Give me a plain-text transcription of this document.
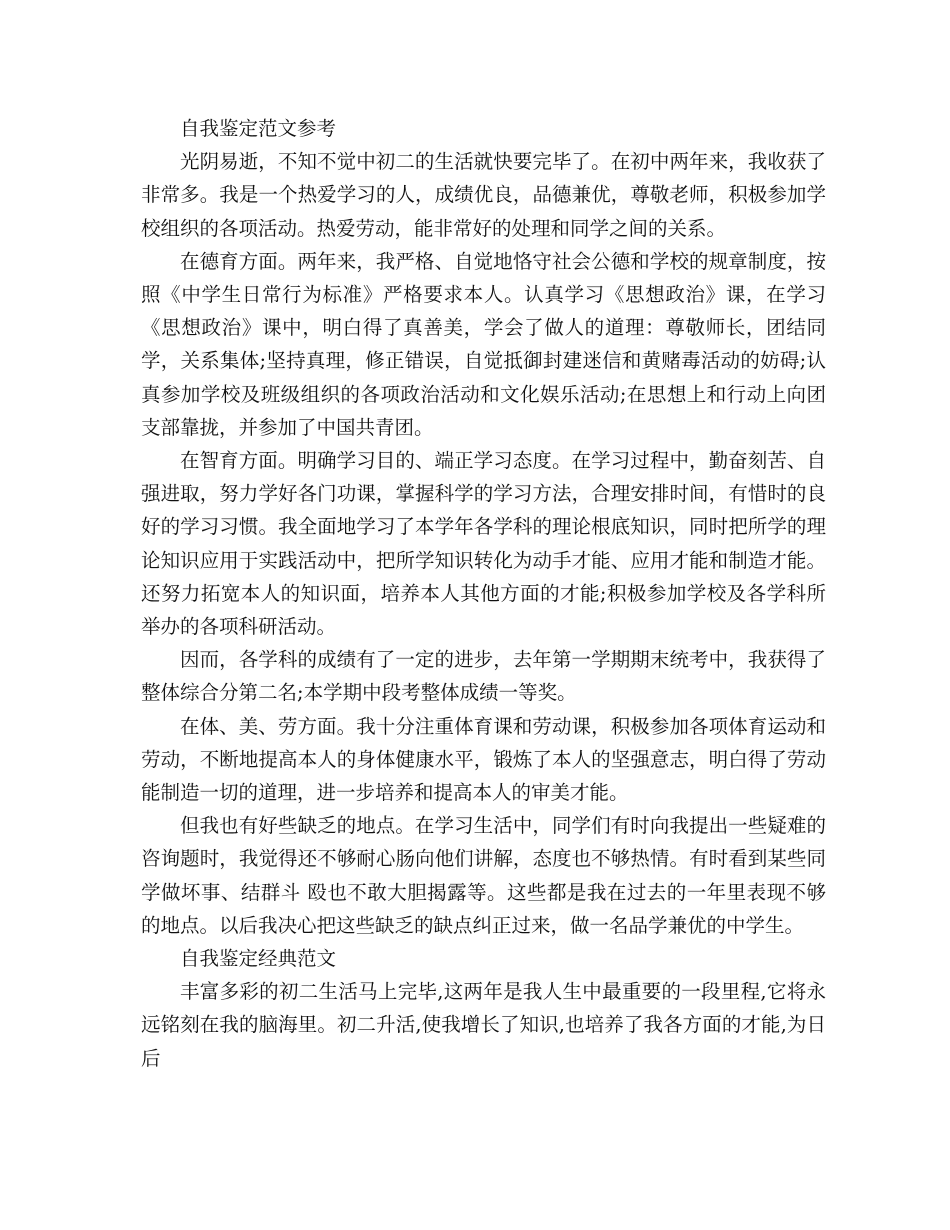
自我鉴定范文参考

光阴易逝，不知不觉中初二的生活就快要完毕了。在初中两年来，我收获了非常多。我是一个热爱学习的人，成绩优良，品德兼优，尊敬老师，积极参加学校组织的各项活动。热爱劳动，能非常好的处理和同学之间的关系。

在德育方面。两年来，我严格、自觉地恪守社会公德和学校的规章制度，按照《中学生日常行为标准》严格要求本人。认真学习《思想政治》课，在学习《思想政治》课中，明白得了真善美，学会了做人的道理：尊敬师长，团结同学，关系集体;坚持真理，修正错误，自觉抵御封建迷信和黄赌毒活动的妨碍;认真参加学校及班级组织的各项政治活动和文化娱乐活动;在思想上和行动上向团支部靠拢，并参加了中国共青团。

在智育方面。明确学习目的、端正学习态度。在学习过程中，勤奋刻苦、自强进取，努力学好各门功课，掌握科学的学习方法，合理安排时间，有惜时的良好的学习习惯。我全面地学习了本学年各学科的理论根底知识，同时把所学的理论知识应用于实践活动中，把所学知识转化为动手才能、应用才能和制造才能。还努力拓宽本人的知识面，培养本人其他方面的才能;积极参加学校及各学科所举办的各项科研活动。

因而，各学科的成绩有了一定的进步，去年第一学期期末统考中，我获得了整体综合分第二名;本学期中段考整体成绩一等奖。

在体、美、劳方面。我十分注重体育课和劳动课，积极参加各项体育运动和劳动，不断地提高本人的身体健康水平，锻炼了本人的坚强意志，明白得了劳动能制造一切的道理，进一步培养和提高本人的审美才能。

但我也有好些缺乏的地点。在学习生活中，同学们有时向我提出一些疑难的咨询题时，我觉得还不够耐心肠向他们讲解，态度也不够热情。有时看到某些同学做坏事、结群斗 殴也不敢大胆揭露等。这些都是我在过去的一年里表现不够的地点。以后我决心把这些缺乏的缺点纠正过来，做一名品学兼优的中学生。

自我鉴定经典范文

丰富多彩的初二生活马上完毕,这两年是我人生中最重要的一段里程,它将永远铭刻在我的脑海里。初二升活,使我增长了知识,也培养了我各方面的才能,为日后
